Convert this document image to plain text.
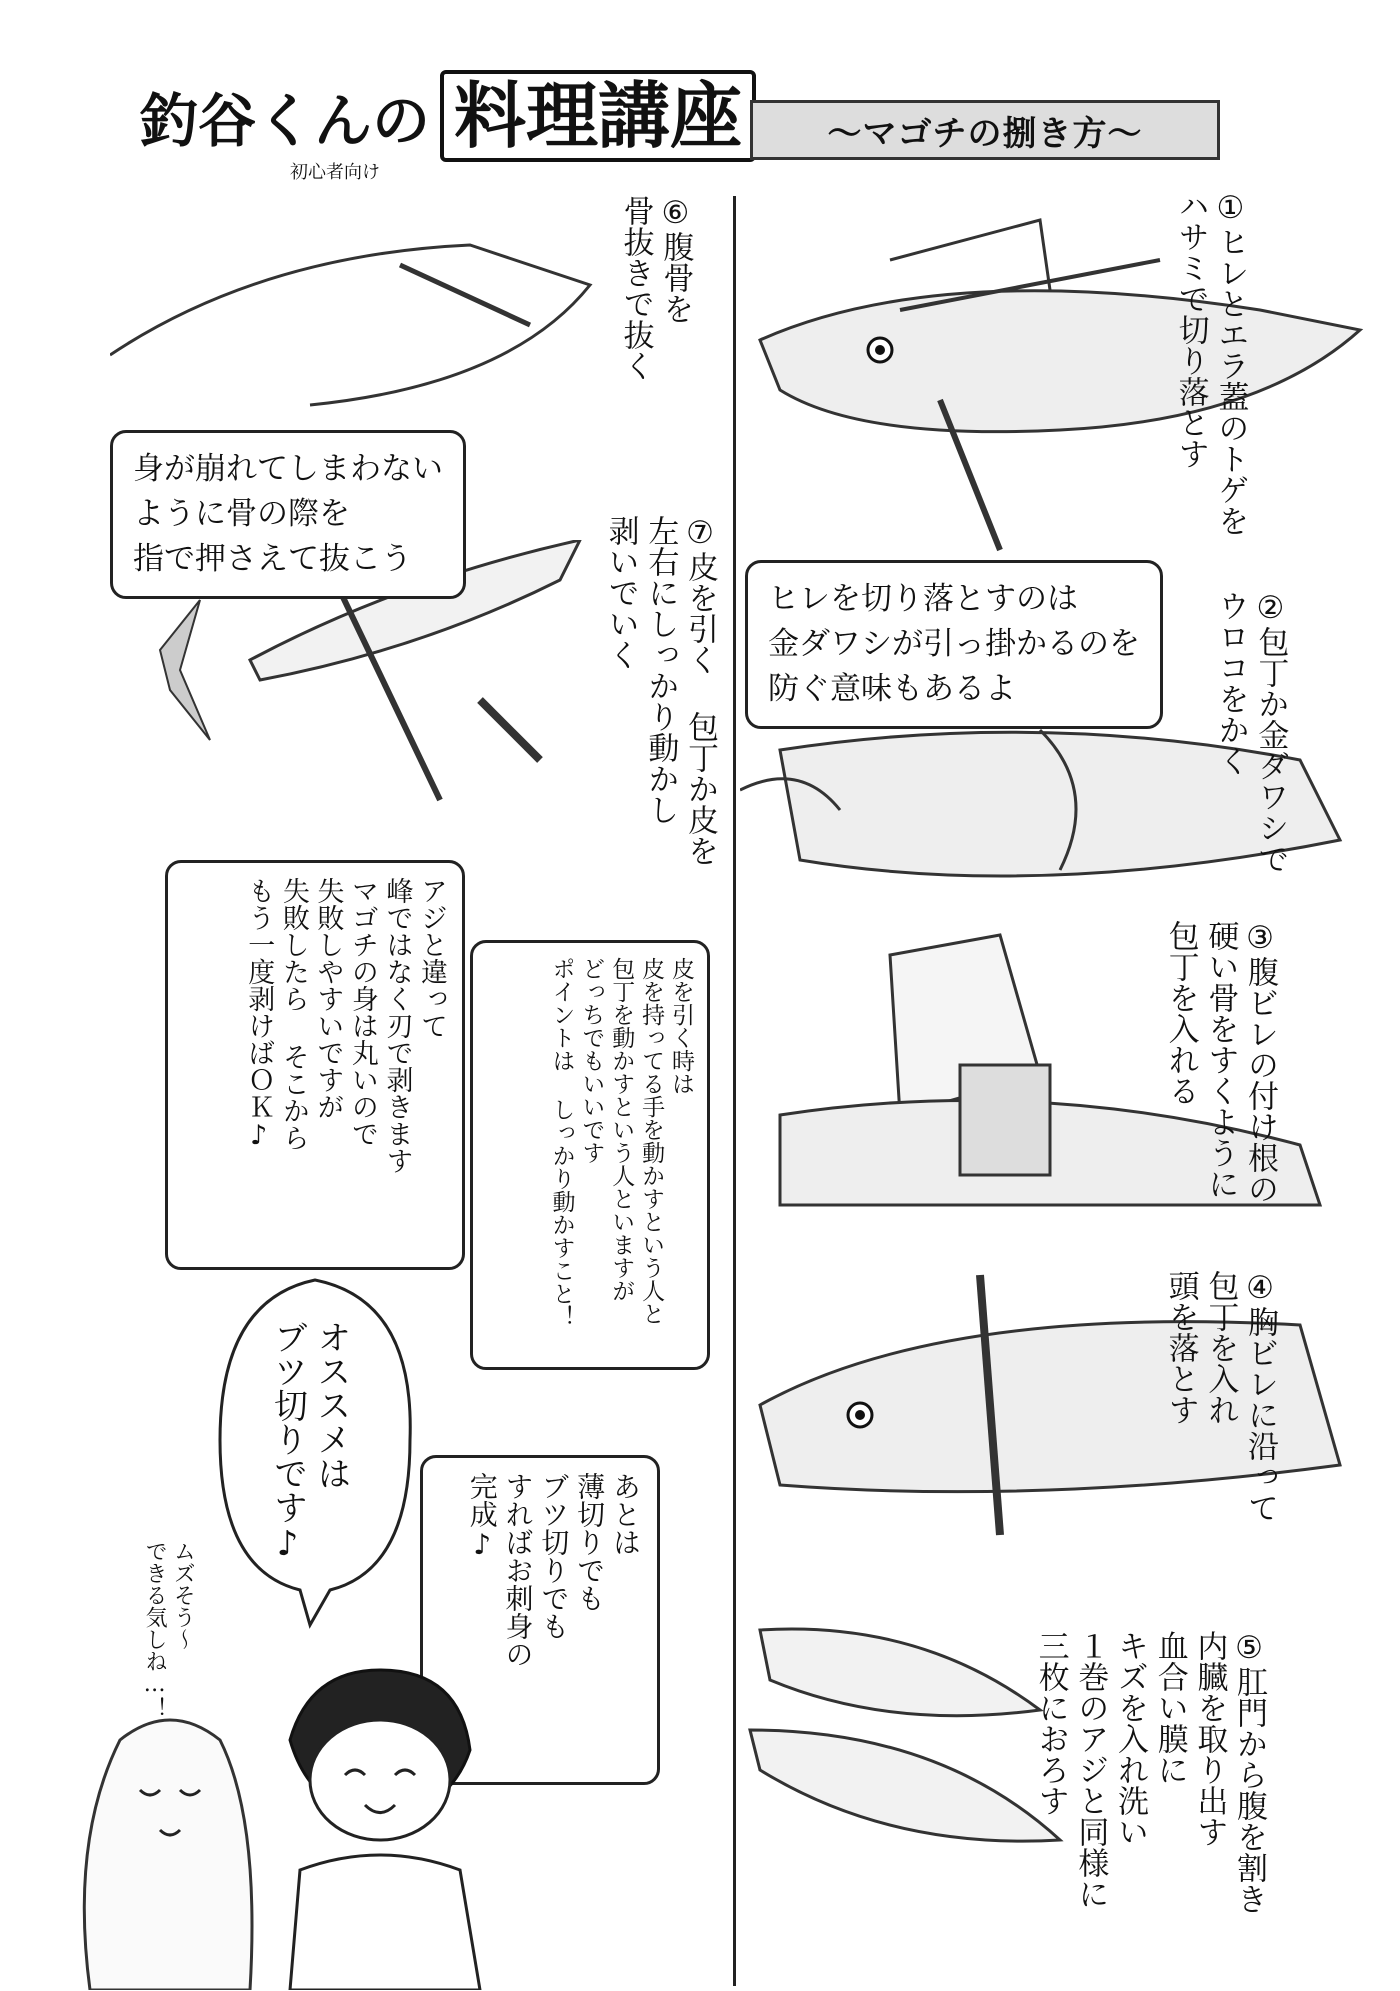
釣谷くんの
初心者向け
料理講座	〜マゴチの捌き方〜
①ヒレとエラ蓋のトゲを
ハサミで切り落とす
②包丁か金ダワシで
ウロコをかく
③腹ビレの付け根の
硬い骨をすくように
包丁を入れる
④胸ビレに沿って
包丁を入れ
頭を落とす
⑤肛門から腹を割き
内臓を取り出す
血合い膜に
キズを入れ洗い
１巻のアジと同様に
三枚におろす
⑥腹骨を
骨抜きで抜く
⑦皮を引く 包丁か皮を
左右にしっかり動かし
剥いでいく	ヒレを切り落とすのは
金ダワシが引っ掛かるのを
防ぐ意味もあるよ
身が崩れてしまわない
ように骨の際を
指で押さえて抜こう
アジと違って
峰ではなく刃で剥きます
マゴチの身は丸いので
失敗しやすいですが
失敗したら そこから
もう一度剥けばＯＫ♪	皮を引く時は
皮を持ってる手を動かすという人と
包丁を動かすという人といますが
どっちでもいいです
ポイントは しっかり動かすこと！
あとは
薄切りでも
ブツ切りでも
すればお刺身の
完成♪
オススメは
ブツ切りです♪
ムズそう〜
できる気しね…！
